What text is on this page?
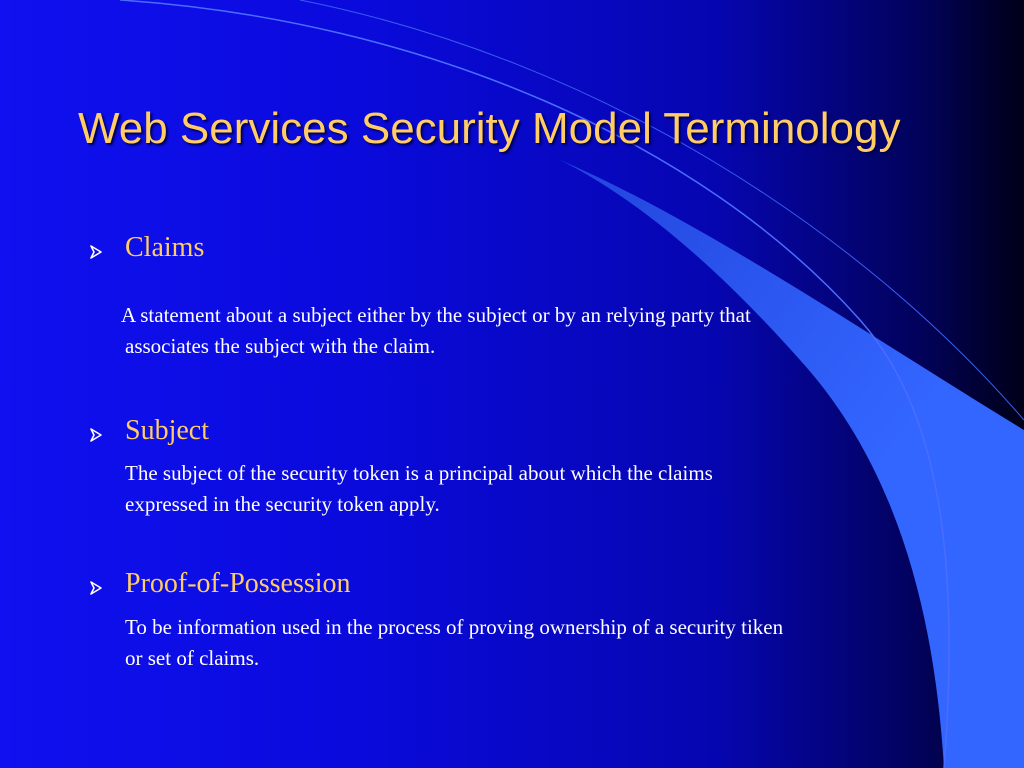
Web Services Security Model Terminology
Claims
A statement about a subject either by the subject or by an relying party that
associates the subject with the claim.
Subject
The subject of the security token is a principal about which the claims
expressed in the security token apply.
Proof-of-Possession
To be information used in the process of proving ownership of a security tiken
or set of claims.
